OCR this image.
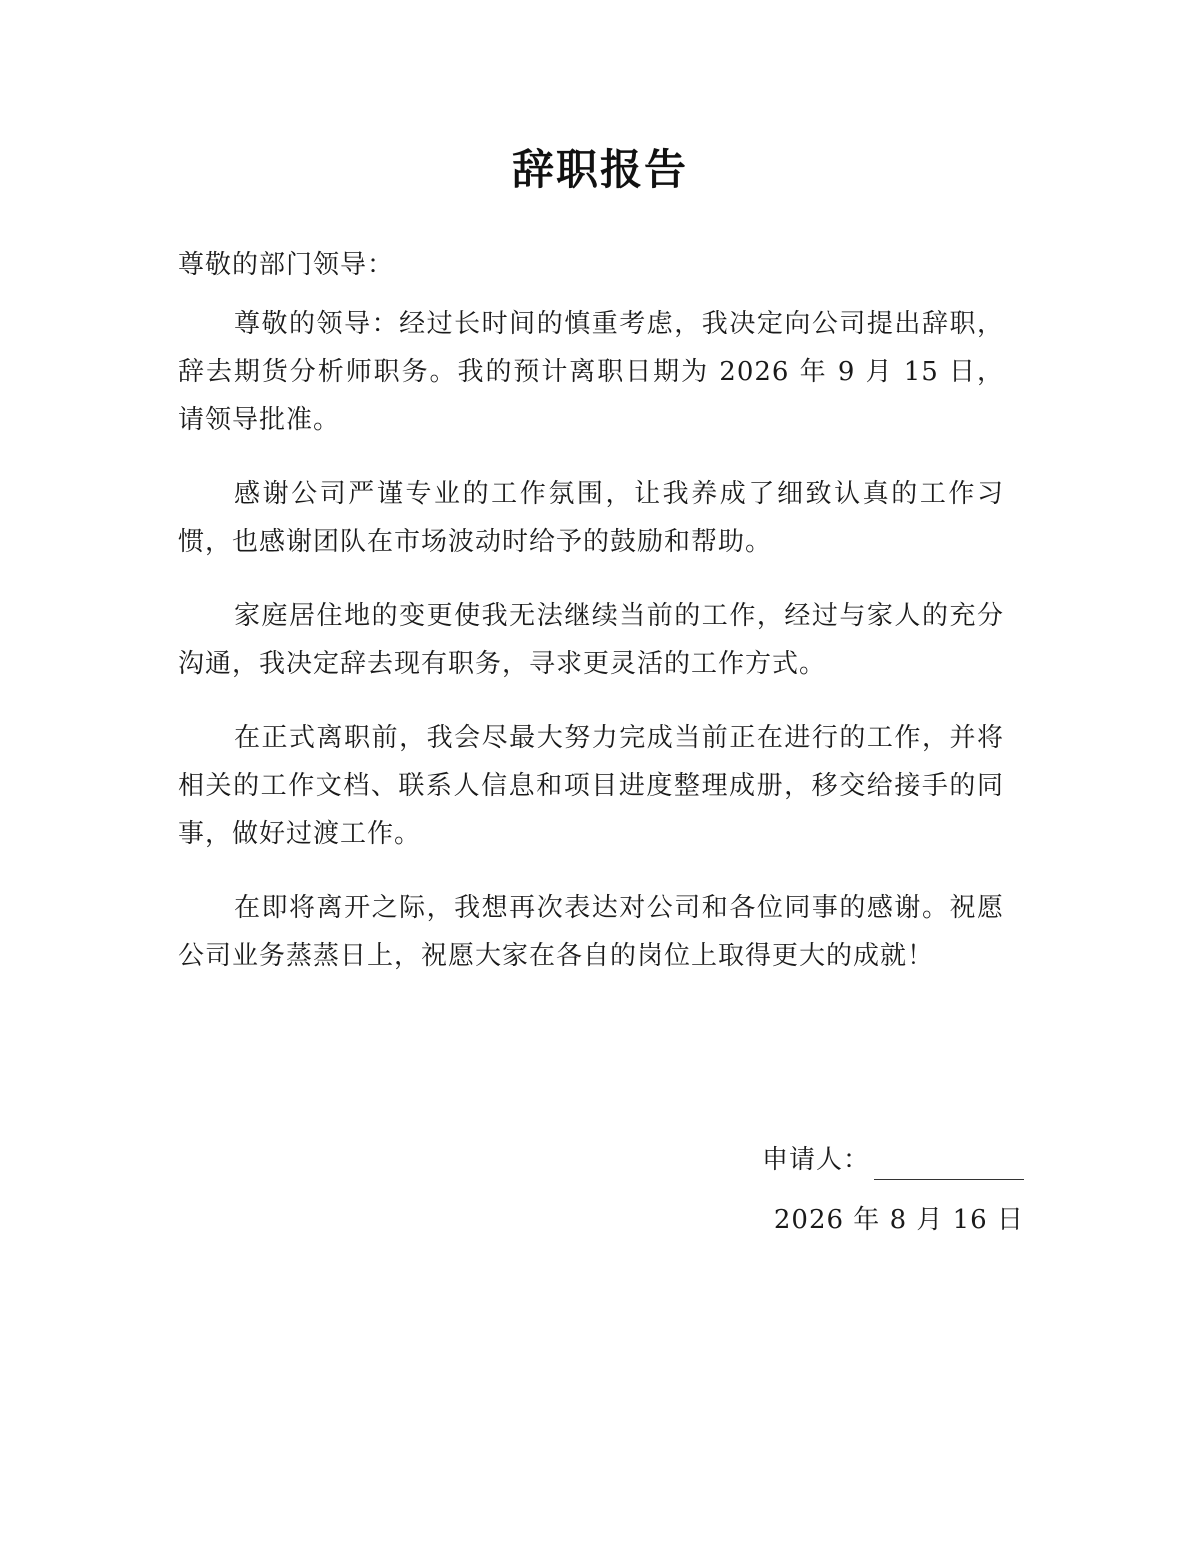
辞职报告
尊敬的部门领导：

尊敬的领导：经过长时间的慎重考虑，我决定向公司提出辞职，辞去期货分析师职务。我的预计离职日期为 2026 年 9 月 15 日，请领导批准。

感谢公司严谨专业的工作氛围，让我养成了细致认真的工作习惯，也感谢团队在市场波动时给予的鼓励和帮助。

家庭居住地的变更使我无法继续当前的工作，经过与家人的充分沟通，我决定辞去现有职务，寻求更灵活的工作方式。

在正式离职前，我会尽最大努力完成当前正在进行的工作，并将相关的工作文档、联系人信息和项目进度整理成册，移交给接手的同事，做好过渡工作。

在即将离开之际，我想再次表达对公司和各位同事的感谢。祝愿公司业务蒸蒸日上，祝愿大家在各自的岗位上取得更大的成就！

申请人：
2026 年 8 月 16 日
